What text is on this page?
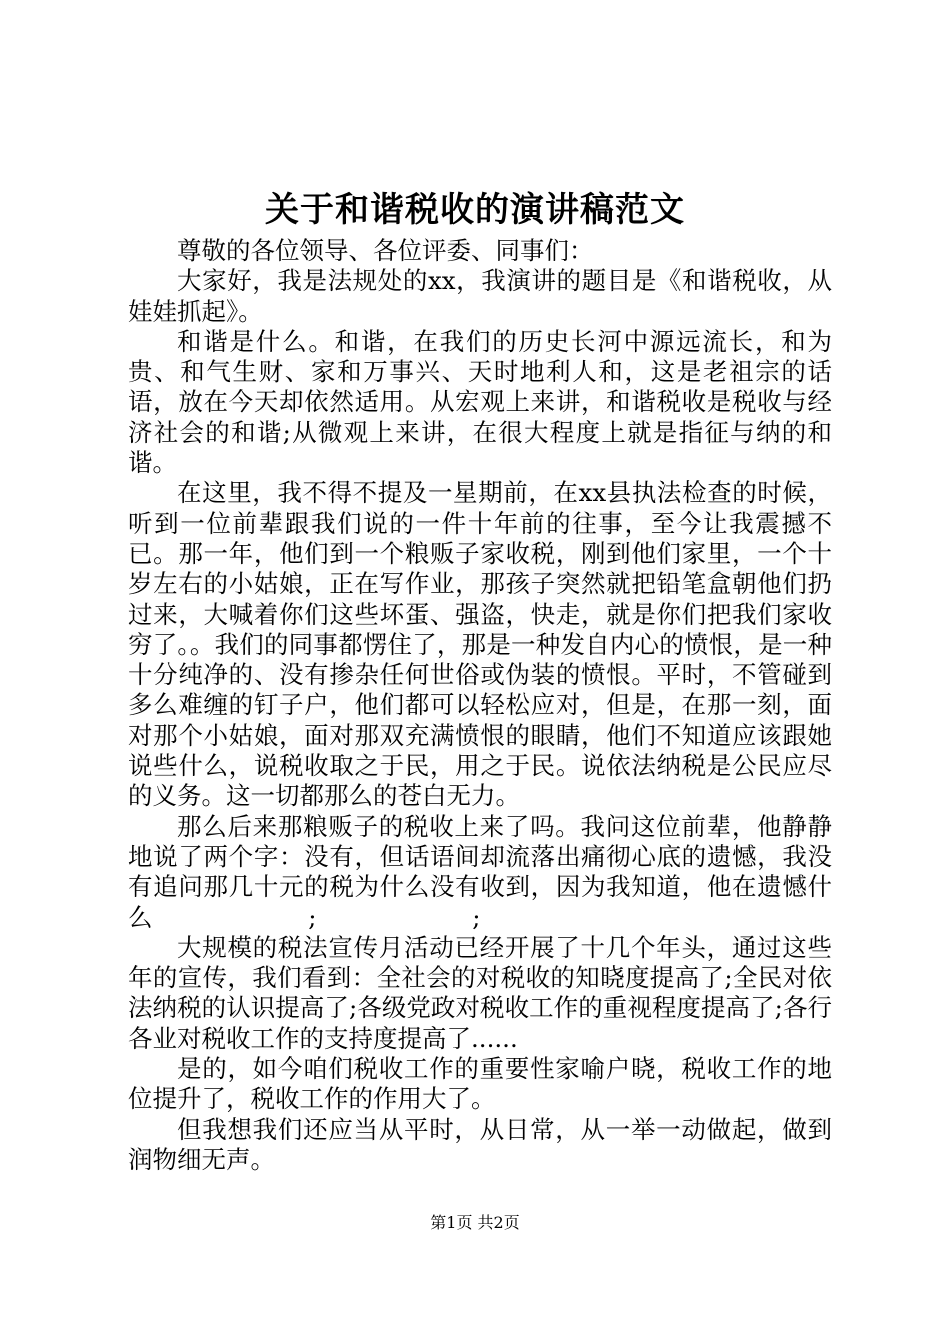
关于和谐税收的演讲稿范文

尊敬的各位领导、各位评委、同事们：

大家好，我是法规处的xx，我演讲的题目是《和谐税收，从娃娃抓起》。

和谐是什么。和谐，在我们的历史长河中源远流长，和为贵、和气生财、家和万事兴、天时地利人和，这是老祖宗的话语，放在今天却依然适用。从宏观上来讲，和谐税收是税收与经济社会的和谐;从微观上来讲，在很大程度上就是指征与纳的和谐。

在这里，我不得不提及一星期前，在xx县执法检查的时候，听到一位前辈跟我们说的一件十年前的往事，至今让我震撼不已。那一年，他们到一个粮贩子家收税，刚到他们家里，一个十岁左右的小姑娘，正在写作业，那孩子突然就把铅笔盒朝他们扔过来，大喊着你们这些坏蛋、强盗，快走，就是你们把我们家收穷了。。我们的同事都愣住了，那是一种发自内心的愤恨，是一种十分纯净的、没有掺杂任何世俗或伪装的愤恨。平时，不管碰到多么难缠的钉子户，他们都可以轻松应对，但是，在那一刻，面对那个小姑娘，面对那双充满愤恨的眼睛，他们不知道应该跟她说些什么，说税收取之于民，用之于民。说依法纳税是公民应尽的义务。这一切都那么的苍白无力。

那么后来那粮贩子的税收上来了吗。我问这位前辈，他静静地说了两个字：没有，但话语间却流落出痛彻心底的遗憾，我没有追问那几十元的税为什么没有收到，因为我知道，他在遗憾什么                    ;                    ;

大规模的税法宣传月活动已经开展了十几个年头，通过这些年的宣传，我们看到：全社会的对税收的知晓度提高了;全民对依法纳税的认识提高了;各级党政对税收工作的重视程度提高了;各行各业对税收工作的支持度提高了......

是的，如今咱们税收工作的重要性家喻户晓，税收工作的地位提升了，税收工作的作用大了。

但我想我们还应当从平时，从日常，从一举一动做起，做到润物细无声。

第1页 共2页
